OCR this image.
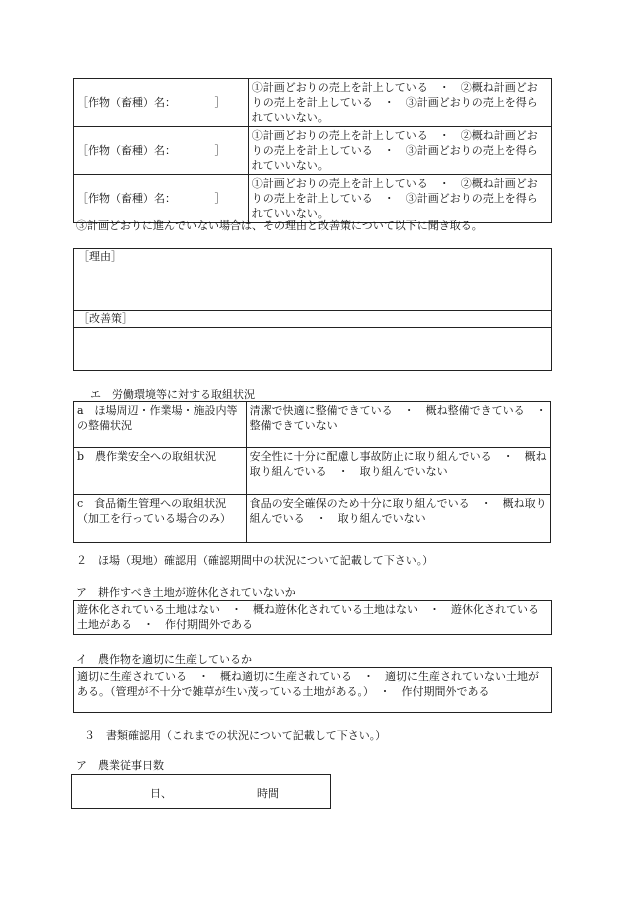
［作物（畜種）名：　　　　］	①計画どおりの売上を計上している　・　②概ね計画どおりの売上を計上している　・　③計画どおりの売上を得られていいない。
［作物（畜種）名：　　　　］	①計画どおりの売上を計上している　・　②概ね計画どおりの売上を計上している　・　③計画どおりの売上を得られていいない。
［作物（畜種）名：　　　　］	①計画どおりの売上を計上している　・　②概ね計画どおりの売上を計上している　・　③計画どおりの売上を得られていいない。
③計画どおりに進んでいない場合は、その理由と改善策について以下に聞き取る。
［理由］
［改善策］
エ　労働環境等に対する取組状況
a　ほ場周辺・作業場・施設内等の整備状況	清潔で快適に整備できている　・　概ね整備できている　・　整備できていない
b　農作業安全への取組状況	安全性に十分に配慮し事故防止に取り組んでいる　・　概ね取り組んでいる　・　取り組んでいない
c　食品衛生管理への取組状況（加工を行っている場合のみ）	食品の安全確保のため十分に取り組んでいる　・　概ね取り組んでいる　・　取り組んでいない
２　ほ場（現地）確認用（確認期間中の状況について記載して下さい。）
ア　耕作すべき土地が遊休化されていないか
遊休化されている土地はない　・　概ね遊休化されている土地はない　・　遊休化されている土地がある　・　作付期間外である
イ　農作物を適切に生産しているか
適切に生産されている　・　概ね適切に生産されている　・　適切に生産されていない土地がある。（管理が不十分で雑草が生い茂っている土地がある。）　・　作付期間外である
３　書類確認用（これまでの状況について記載して下さい。）
ア　農業従事日数
日、	時間
